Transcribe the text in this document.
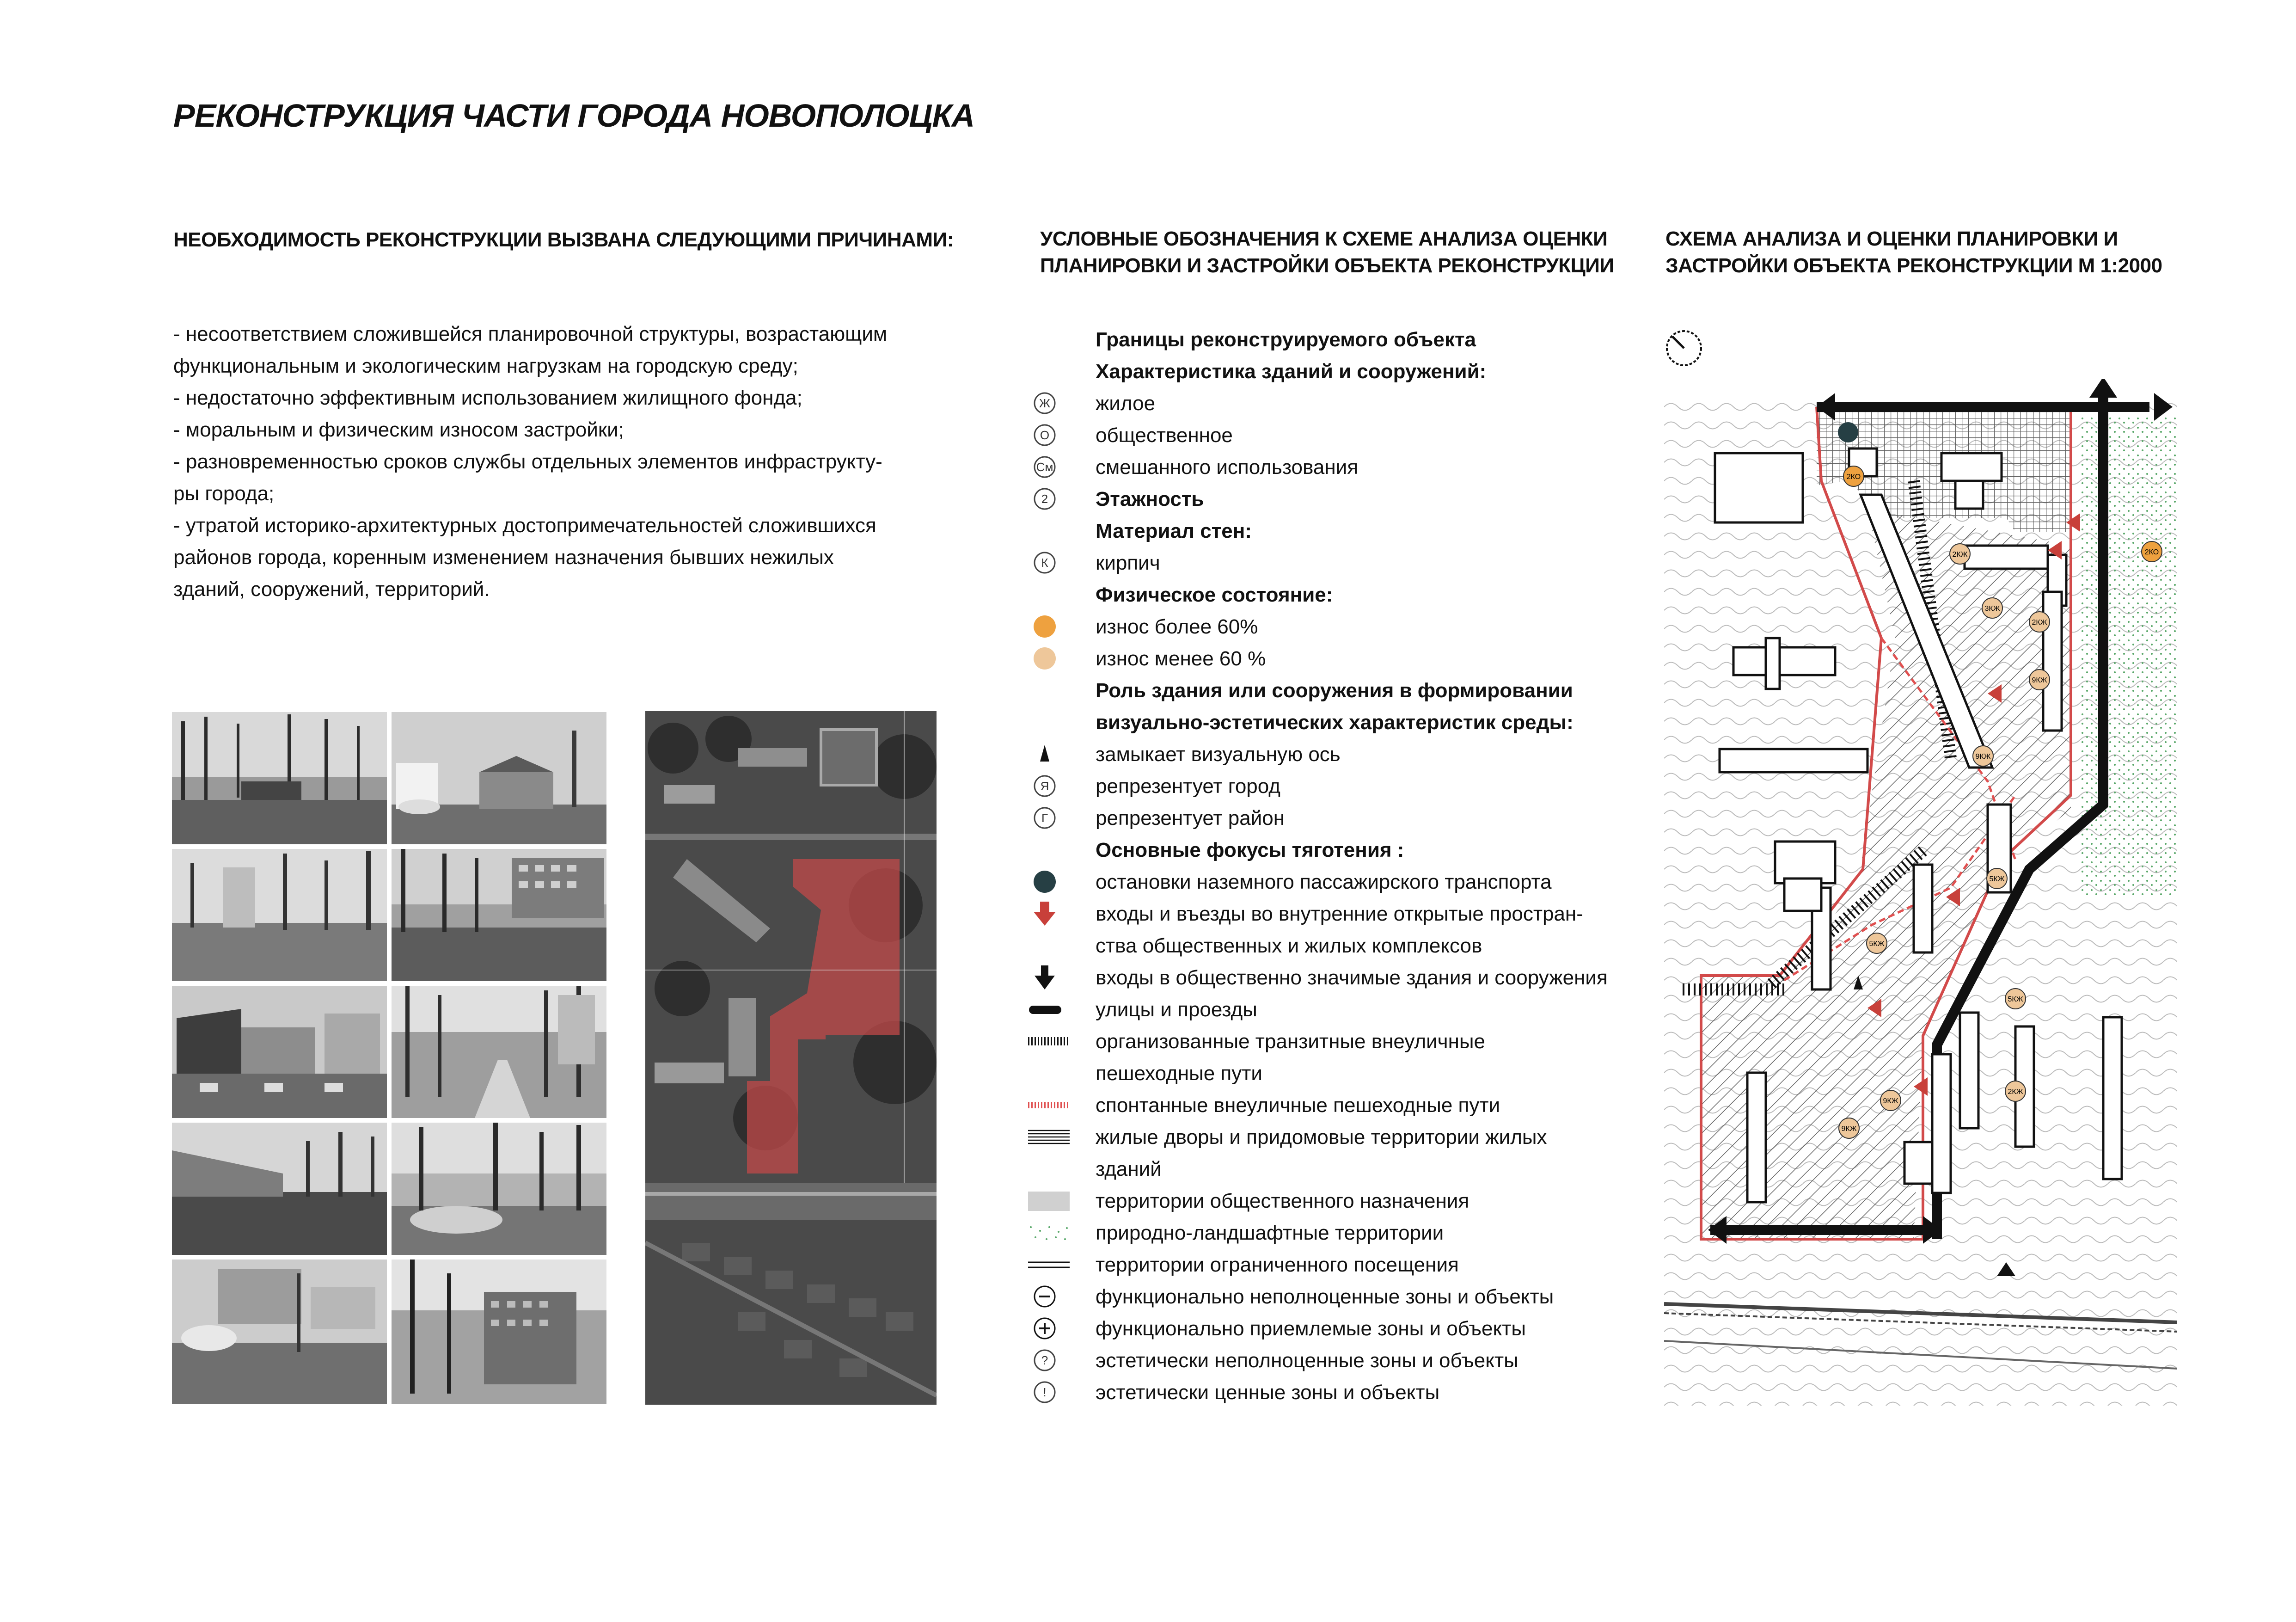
РЕКОНСТРУКЦИЯ ЧАСТИ ГОРОДА НОВОПОЛОЦКА
НЕОБХОДИМОСТЬ РЕКОНСТРУКЦИИ ВЫЗВАНА СЛЕДУЮЩИМИ ПРИЧИНАМИ:
- несоответствием сложившейся планировочной структуры, возрастающим
функциональным и экологическим нагрузкам на городскую среду;
- недостаточно эффективным использованием жилищного фонда;
- моральным и физическим износом застройки;
- разновременностью сроков службы отдельных элементов инфраструкту-
ры города;
- утратой историко-архитектурных достопримечательностей сложившихся
районов города, коренным изменением назначения бывших нежилых
зданий, сооружений, территорий.
УСЛОВНЫЕ ОБОЗНАЧЕНИЯ К СХЕМЕ АНАЛИЗА ОЦЕНКИ
ПЛАНИРОВКИ И ЗАСТРОЙКИ ОБЪЕКТА РЕКОНСТРУКЦИИ
Границы реконструируемого объекта
Характеристика зданий и сооружений:
Ж жилое
О общественное
См смешанного использования
2 Этажность
Материал стен:
К кирпич
Физическое состояние:
износ более 60%
износ менее 60 %
Роль здания или сооружения в формировании
визуально-эстетических характеристик среды:
замыкает визуальную ось
Я репрезентует город
Г репрезентует район
Основные фокусы тяготения :
остановки наземного пассажирского транспорта
входы и въезды во внутренние открытые простран-
ства общественных и жилых комплексов
входы в общественно значимые здания и сооружения
улицы и проезды
организованные транзитные внеуличные
пешеходные пути
спонтанные внеуличные пешеходные пути
жилые дворы и придомовые территории жилых
зданий
территории общественного назначения
природно-ландшафтные территории
территории ограниченного посещения
функционально неполноценные зоны и объекты
функционально приемлемые зоны и объекты
? эстетически неполноценные зоны и объекты
! эстетически ценные зоны и объекты
СХЕМА АНАЛИЗА И ОЦЕНКИ ПЛАНИРОВКИ И
ЗАСТРОЙКИ ОБЪЕКТА РЕКОНСТРУКЦИИ М 1:2000
2КО
2КО
2КЖ
3КЖ
9КЖ
2КЖ
9КЖ
5КЖ
5КЖ
9КЖ
9КЖ
5КЖ
2КЖ
